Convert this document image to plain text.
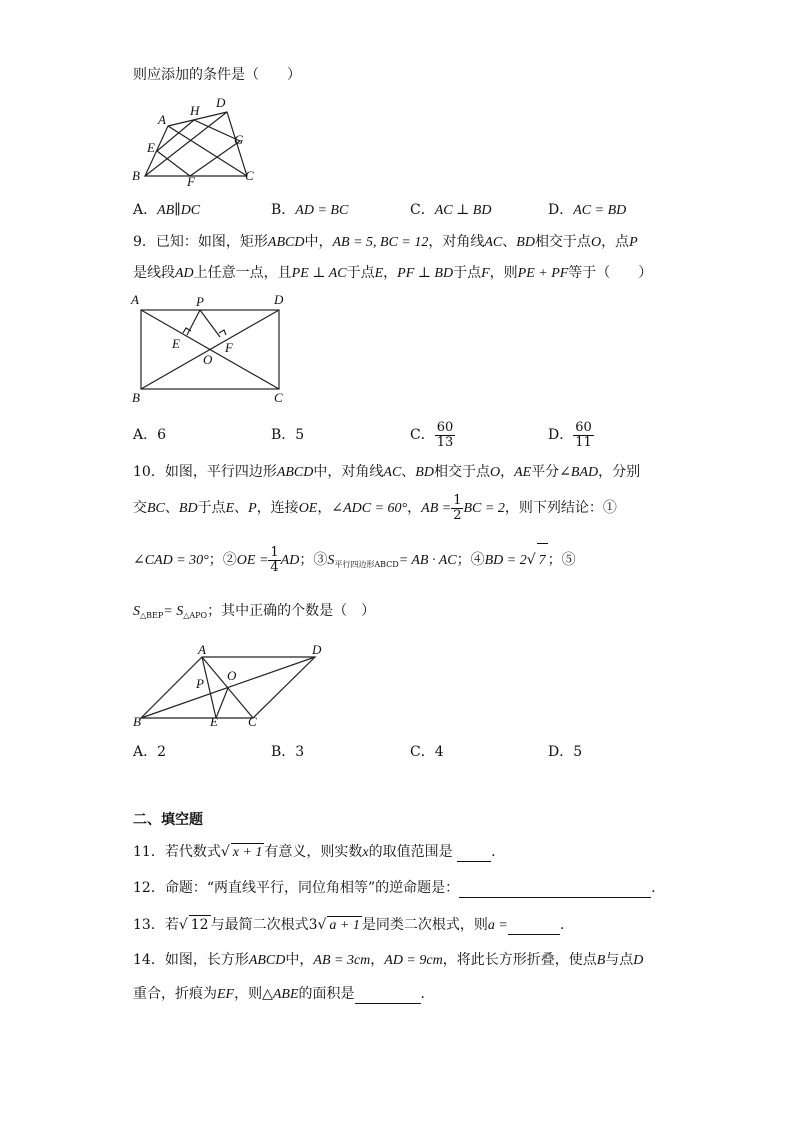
则应添加的条件是（　　）
A
H
D
E
G
B	F	C
A．AB∥DC	B．AD = BC	C．AC ⊥ BD	D．AC = BD
9．已知：如图，矩形ABCD中，AB = 5, BC = 12，对角线AC、BD相交于点O，点P
是线段AD上任意一点，且PE ⊥ AC于点E，PF ⊥ BD于点F，则PE + PF等于（　　）
A	P	D
E	F
O
B	C
A．6	B．5	C． $\frac{60}{13}$	D． $\frac{60}{11}$
10．如图，平行四边形ABCD中，对角线AC、BD相交于点O，AE平分∠BAD，分别
交BC、BD于点E、P，连接OE，∠ADC = 60°，AB = $\frac{1}{2}$ BC = 2，则下列结论：①
∠CAD = 30°；②OE = $\frac{1}{4}$ AD；$③S_{平行四边形ABCD}=$ AB · AC；④BD = 2√ 7 ；⑤
$S_{\triangle BEP}= S_{\triangle APO}$；其中正确的个数是（　）
A	D
P
O
B	E C
A．2	B．3	C．4	D．5
二、填空题
11．若代数式√ x + 1 有意义，则实数x的取值范围是	.
12．命题：“两直线平行，同位角相等”的逆命题是：	.
13．若√ 12 与最简二次根式3√ a + 1 是同类二次根式，则a =	.
14．如图，长方形ABCD中，AB = 3cm，AD = 9cm，将此长方形折叠，使点B与点D
重合，折痕为EF，则△ABE的面积是	.
